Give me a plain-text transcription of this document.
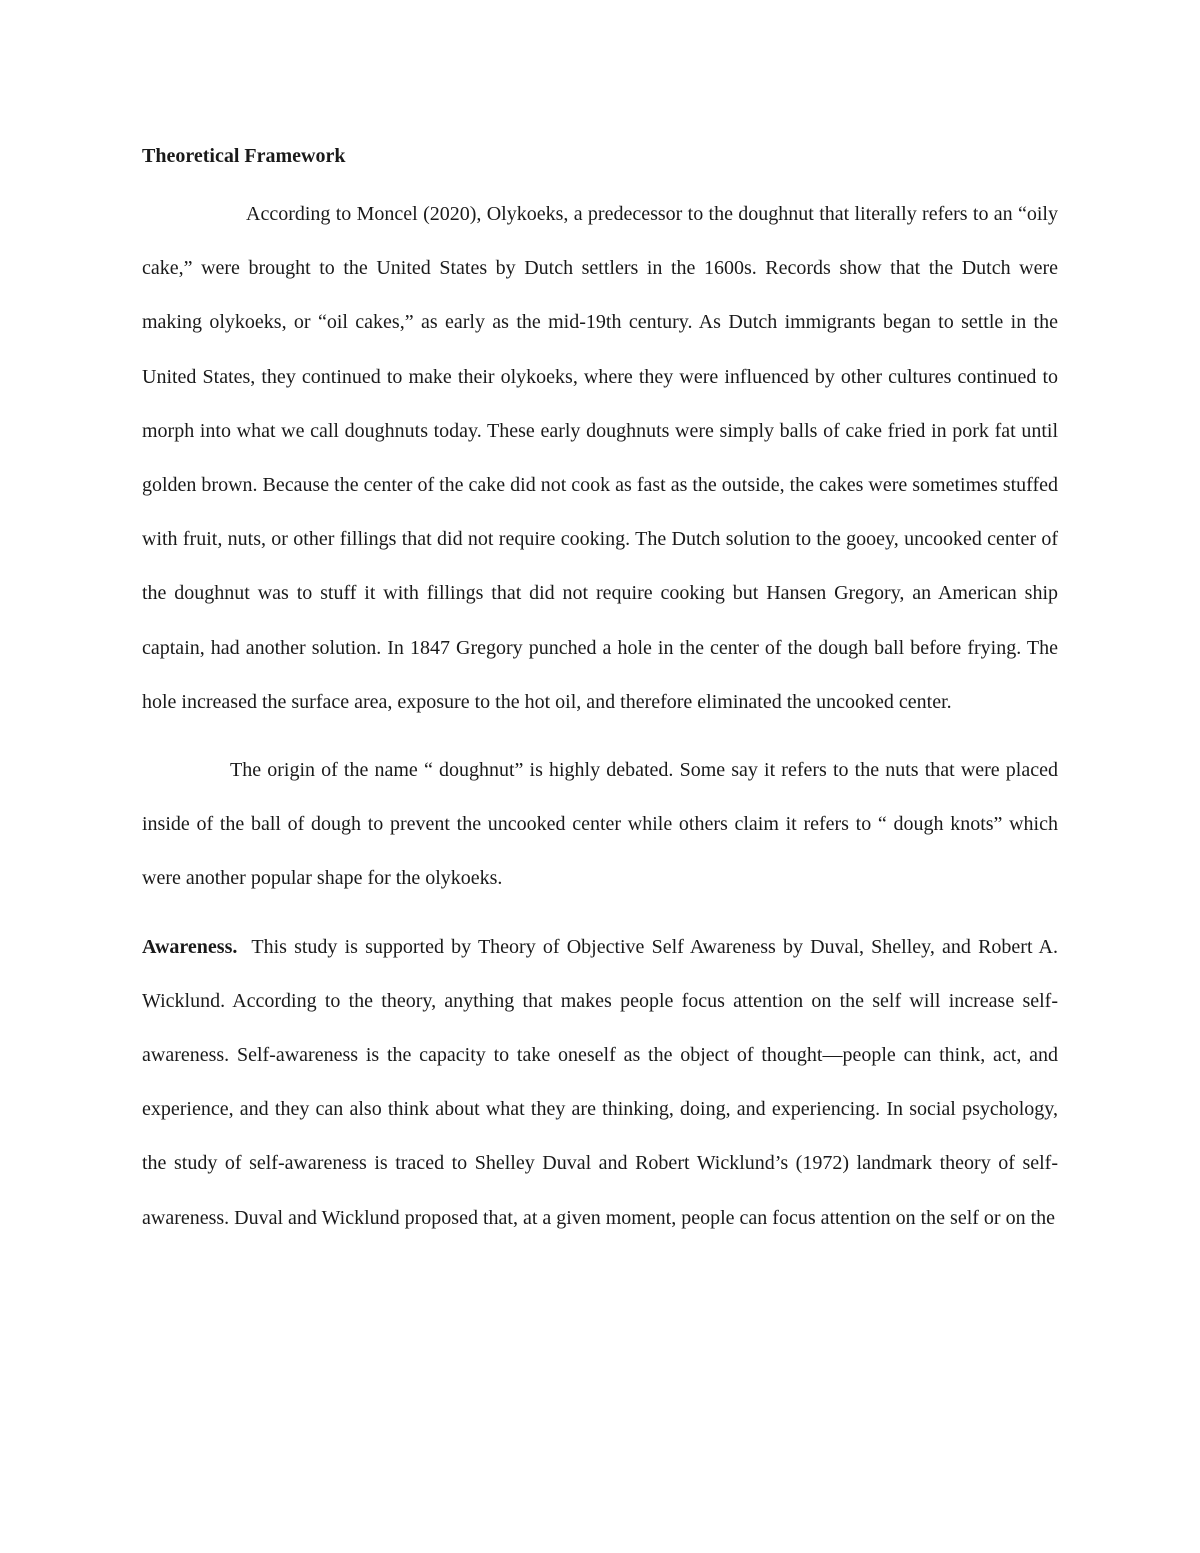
Theoretical Framework

According to Moncel (2020), Olykoeks, a predecessor to the doughnut that literally refers to an “oily cake,” were brought to the United States by Dutch settlers in the 1600s. Records show that the Dutch were making olykoeks, or “oil cakes,” as early as the mid-19th century. As Dutch immigrants began to settle in the United States, they continued to make their olykoeks, where they were influenced by other cultures continued to morph into what we call doughnuts today. These early doughnuts were simply balls of cake fried in pork fat until golden brown. Because the center of the cake did not cook as fast as the outside, the cakes were sometimes stuffed with fruit, nuts, or other fillings that did not require cooking. The Dutch solution to the gooey, uncooked center of the doughnut was to stuff it with fillings that did not require cooking but Hansen Gregory, an American ship captain, had another solution. In 1847 Gregory punched a hole in the center of the dough ball before frying. The hole increased the surface area, exposure to the hot oil, and therefore eliminated the uncooked center.

The origin of the name “ doughnut” is highly debated. Some say it refers to the nuts that were placed inside of the ball of dough to prevent the uncooked center while others claim it refers to “ dough knots” which were another popular shape for the olykoeks.

Awareness. This study is supported by Theory of Objective Self Awareness by Duval, Shelley, and Robert A. Wicklund. According to the theory, anything that makes people focus attention on the self will increase self-awareness. Self-awareness is the capacity to take oneself as the object of thought—people can think, act, and experience, and they can also think about what they are thinking, doing, and experiencing. In social psychology, the study of self-awareness is traced to Shelley Duval and Robert Wicklund’s (1972) landmark theory of self-awareness. Duval and Wicklund proposed that, at a given moment, people can focus attention on the self or on the
